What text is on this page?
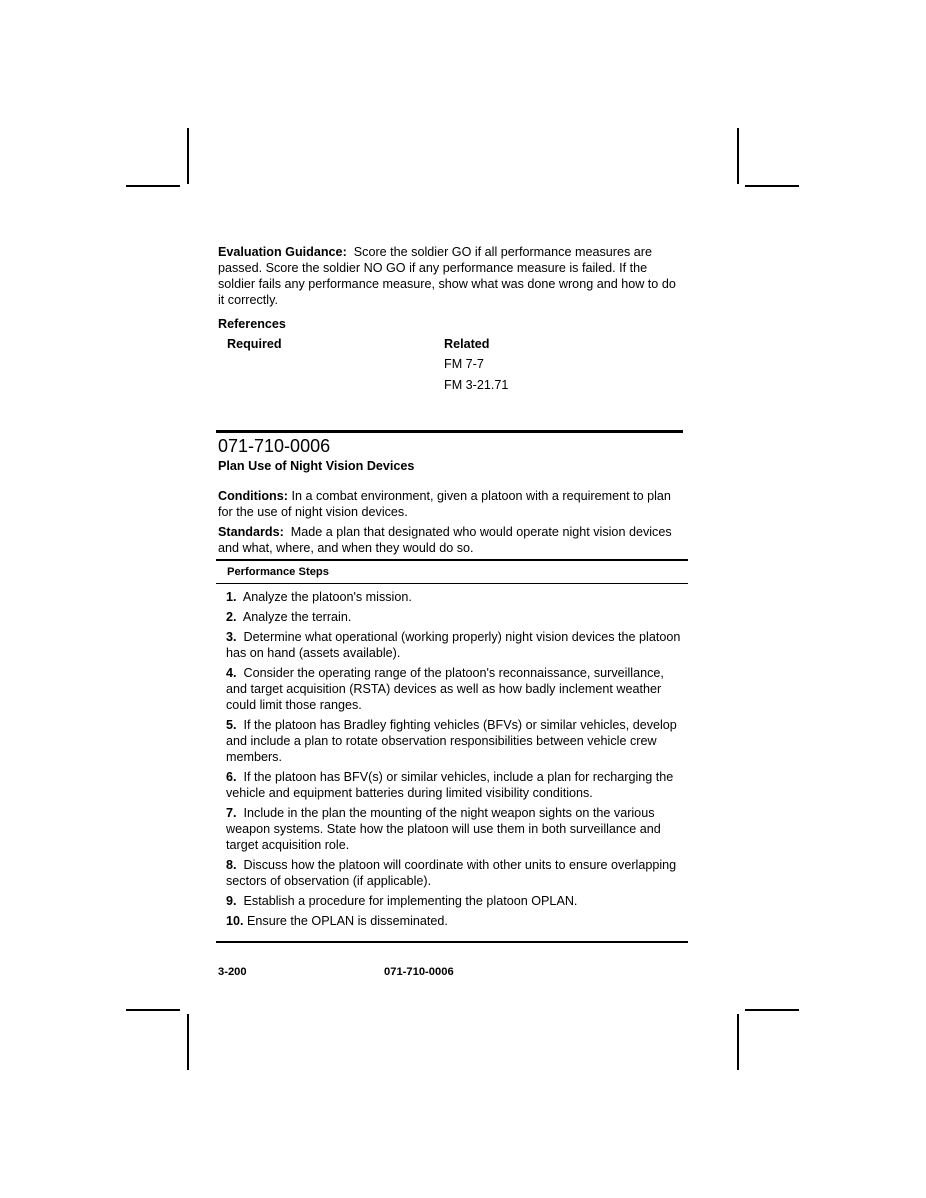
Evaluation Guidance: Score the soldier GO if all performance measures are passed. Score the soldier NO GO if any performance measure is failed. If the soldier fails any performance measure, show what was done wrong and how to do it correctly.
References
Required	Related
FM 7-7
FM 3-21.71
071-710-0006
Plan Use of Night Vision Devices
Conditions: In a combat environment, given a platoon with a requirement to plan for the use of night vision devices.
Standards: Made a plan that designated who would operate night vision devices and what, where, and when they would do so.
Performance Steps
1. Analyze the platoon's mission.
2. Analyze the terrain.
3. Determine what operational (working properly) night vision devices the platoon has on hand (assets available).
4. Consider the operating range of the platoon's reconnaissance, surveillance, and target acquisition (RSTA) devices as well as how badly inclement weather could limit those ranges.
5. If the platoon has Bradley fighting vehicles (BFVs) or similar vehicles, develop and include a plan to rotate observation responsibilities between vehicle crew members.
6. If the platoon has BFV(s) or similar vehicles, include a plan for recharging the vehicle and equipment batteries during limited visibility conditions.
7. Include in the plan the mounting of the night weapon sights on the various weapon systems. State how the platoon will use them in both surveillance and target acquisition role.
8. Discuss how the platoon will coordinate with other units to ensure overlapping sectors of observation (if applicable).
9. Establish a procedure for implementing the platoon OPLAN.
10. Ensure the OPLAN is disseminated.
3-200	071-710-0006
